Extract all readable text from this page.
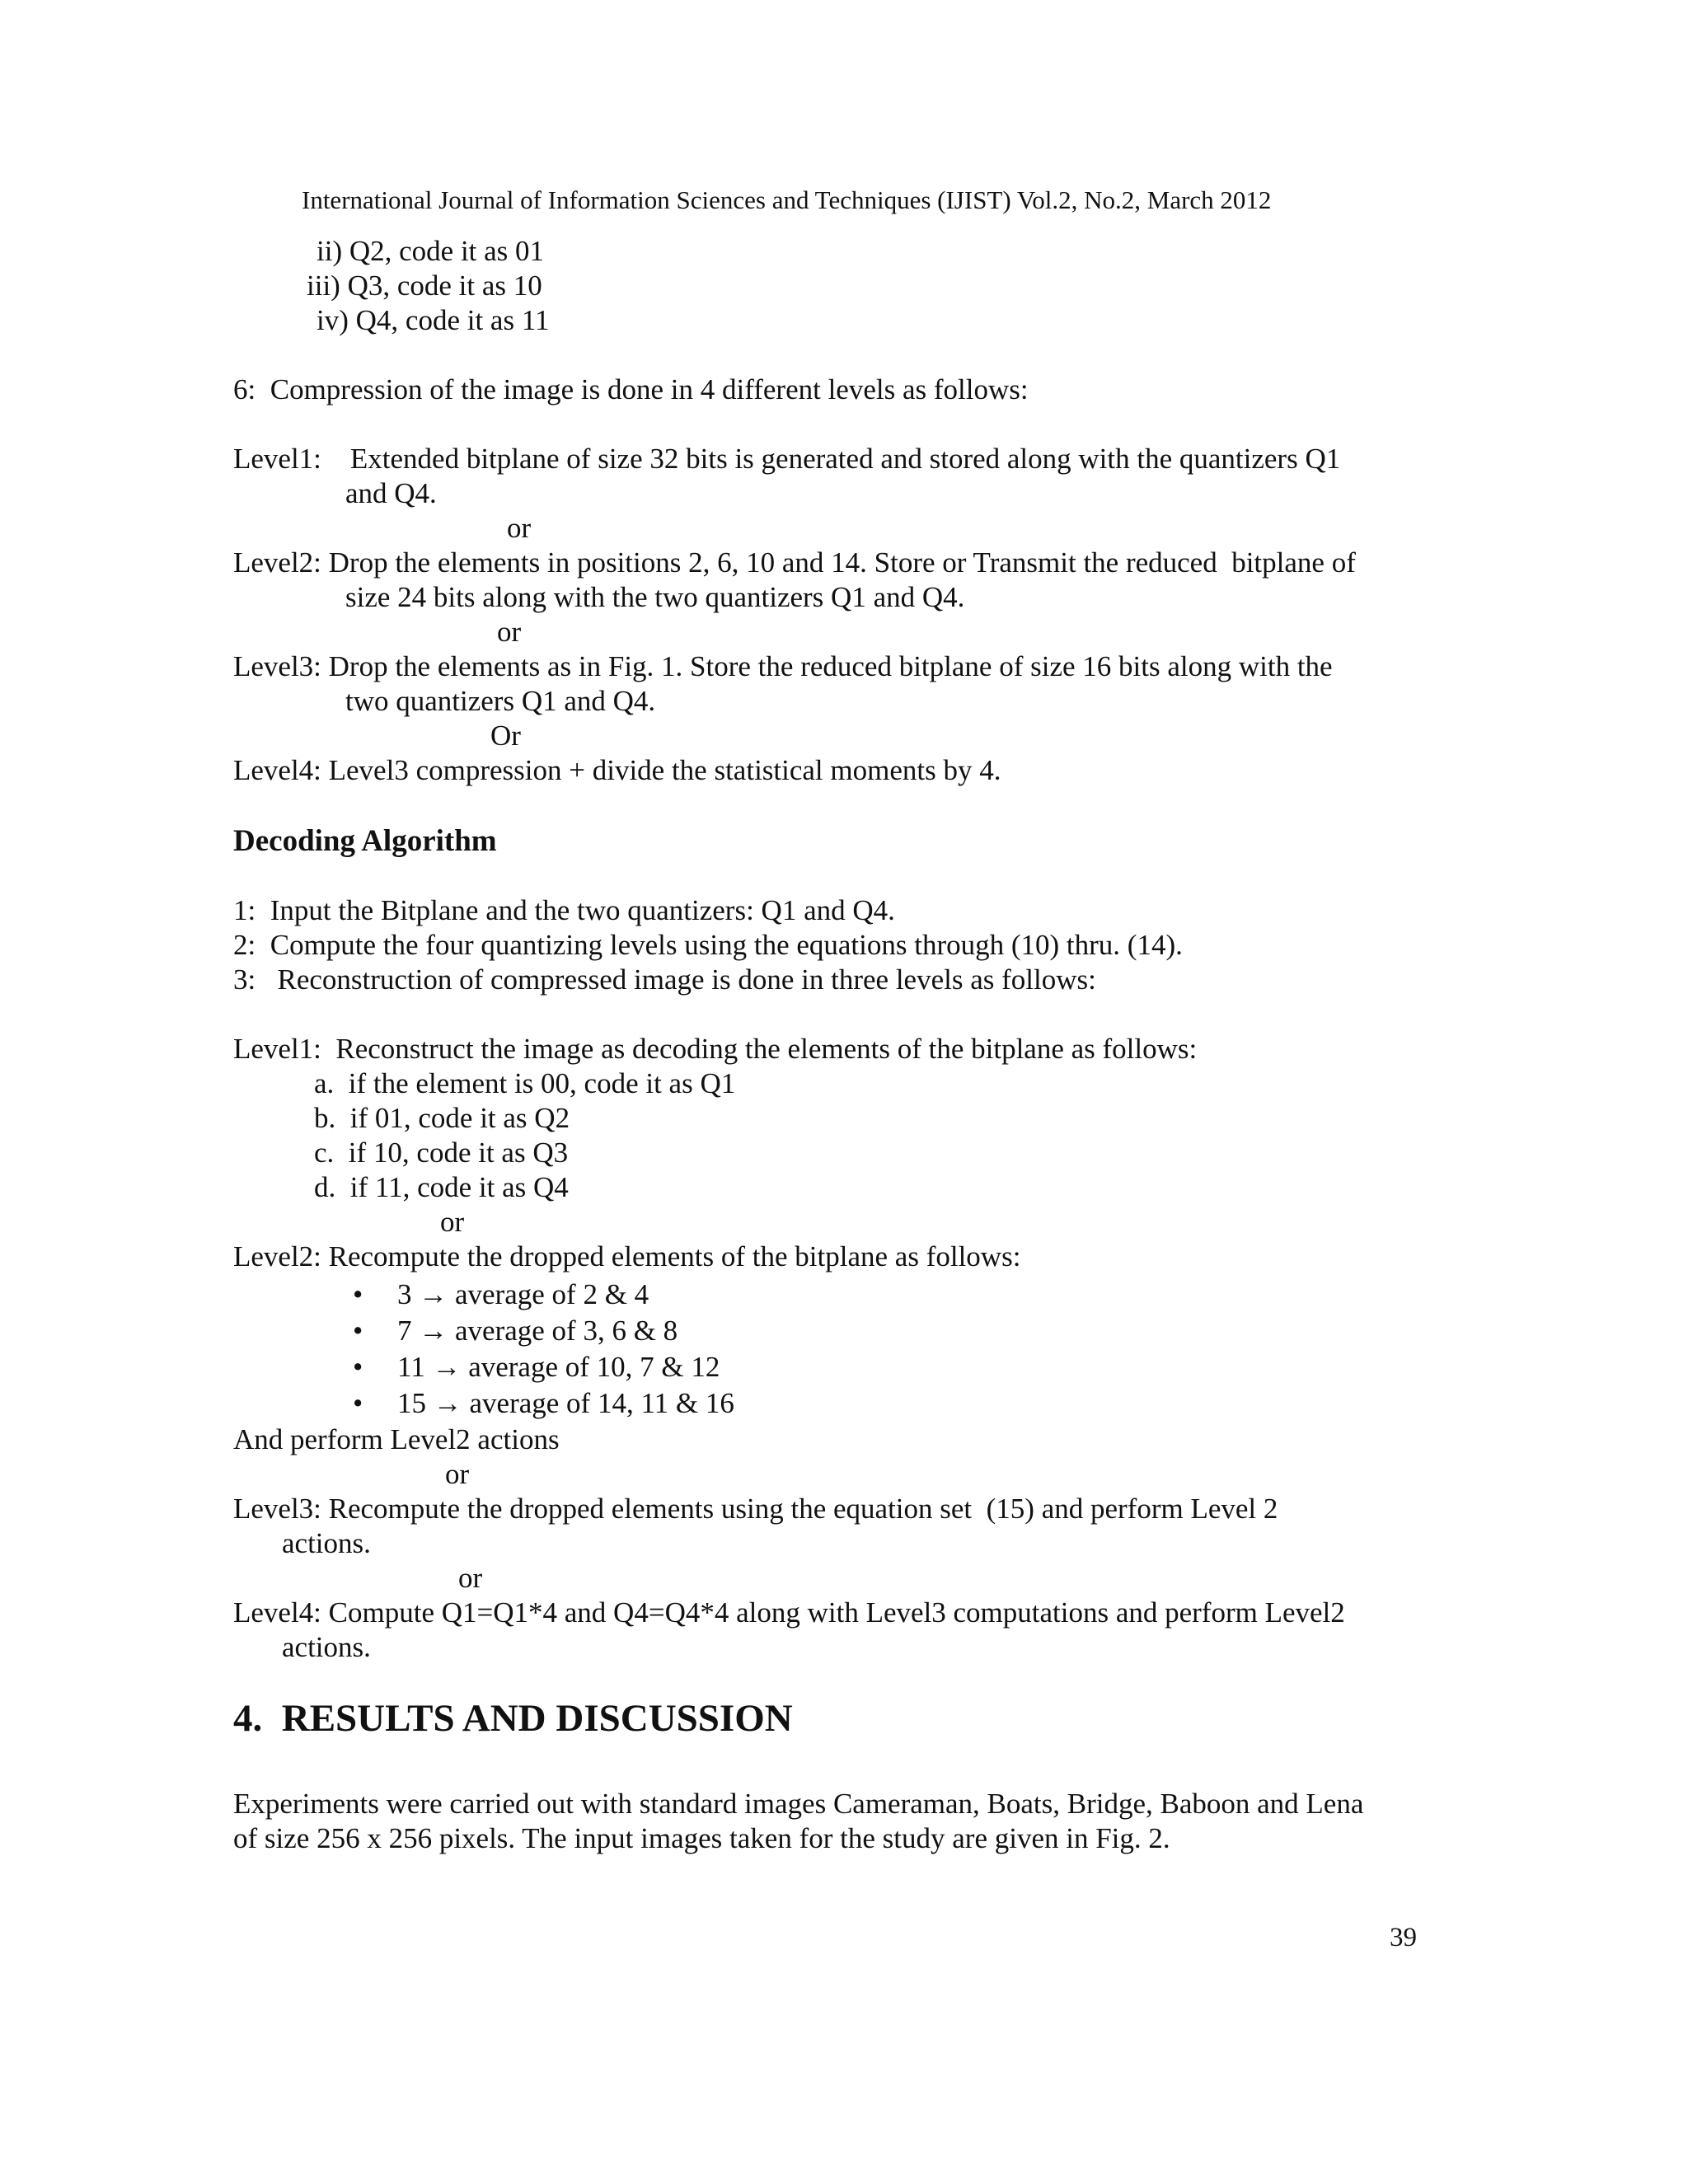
International Journal of Information Sciences and Techniques (IJIST) Vol.2, No.2, March 2012
ii) Q2, code it as 01
iii) Q3, code it as 10
iv) Q4, code it as 11
6:  Compression of the image is done in 4 different levels as follows:
Level1:    Extended bitplane of size 32 bits is generated and stored along with the quantizers Q1
and Q4.
or
Level2: Drop the elements in positions 2, 6, 10 and 14. Store or Transmit the reduced  bitplane of
size 24 bits along with the two quantizers Q1 and Q4.
or
Level3: Drop the elements as in Fig. 1. Store the reduced bitplane of size 16 bits along with the
two quantizers Q1 and Q4.
Or
Level4: Level3 compression + divide the statistical moments by 4.
Decoding Algorithm
1:  Input the Bitplane and the two quantizers: Q1 and Q4.
2:  Compute the four quantizing levels using the equations through (10) thru. (14).
3:   Reconstruction of compressed image is done in three levels as follows:
Level1:  Reconstruct the image as decoding the elements of the bitplane as follows:
a.  if the element is 00, code it as Q1
b.  if 01, code it as Q2
c.  if 10, code it as Q3
d.  if 11, code it as Q4
or
Level2: Recompute the dropped elements of the bitplane as follows:
• 3 → average of 2 & 4
• 7 → average of 3, 6 & 8
• 11 → average of 10, 7 & 12
• 15 → average of 14, 11 & 16
And perform Level2 actions
or
Level3: Recompute the dropped elements using the equation set  (15) and perform Level 2
actions.
or
Level4: Compute Q1=Q1*4 and Q4=Q4*4 along with Level3 computations and perform Level2
actions.
4.  RESULTS AND DISCUSSION
Experiments were carried out with standard images Cameraman, Boats, Bridge, Baboon and Lena
of size 256 x 256 pixels. The input images taken for the study are given in Fig. 2.
39
